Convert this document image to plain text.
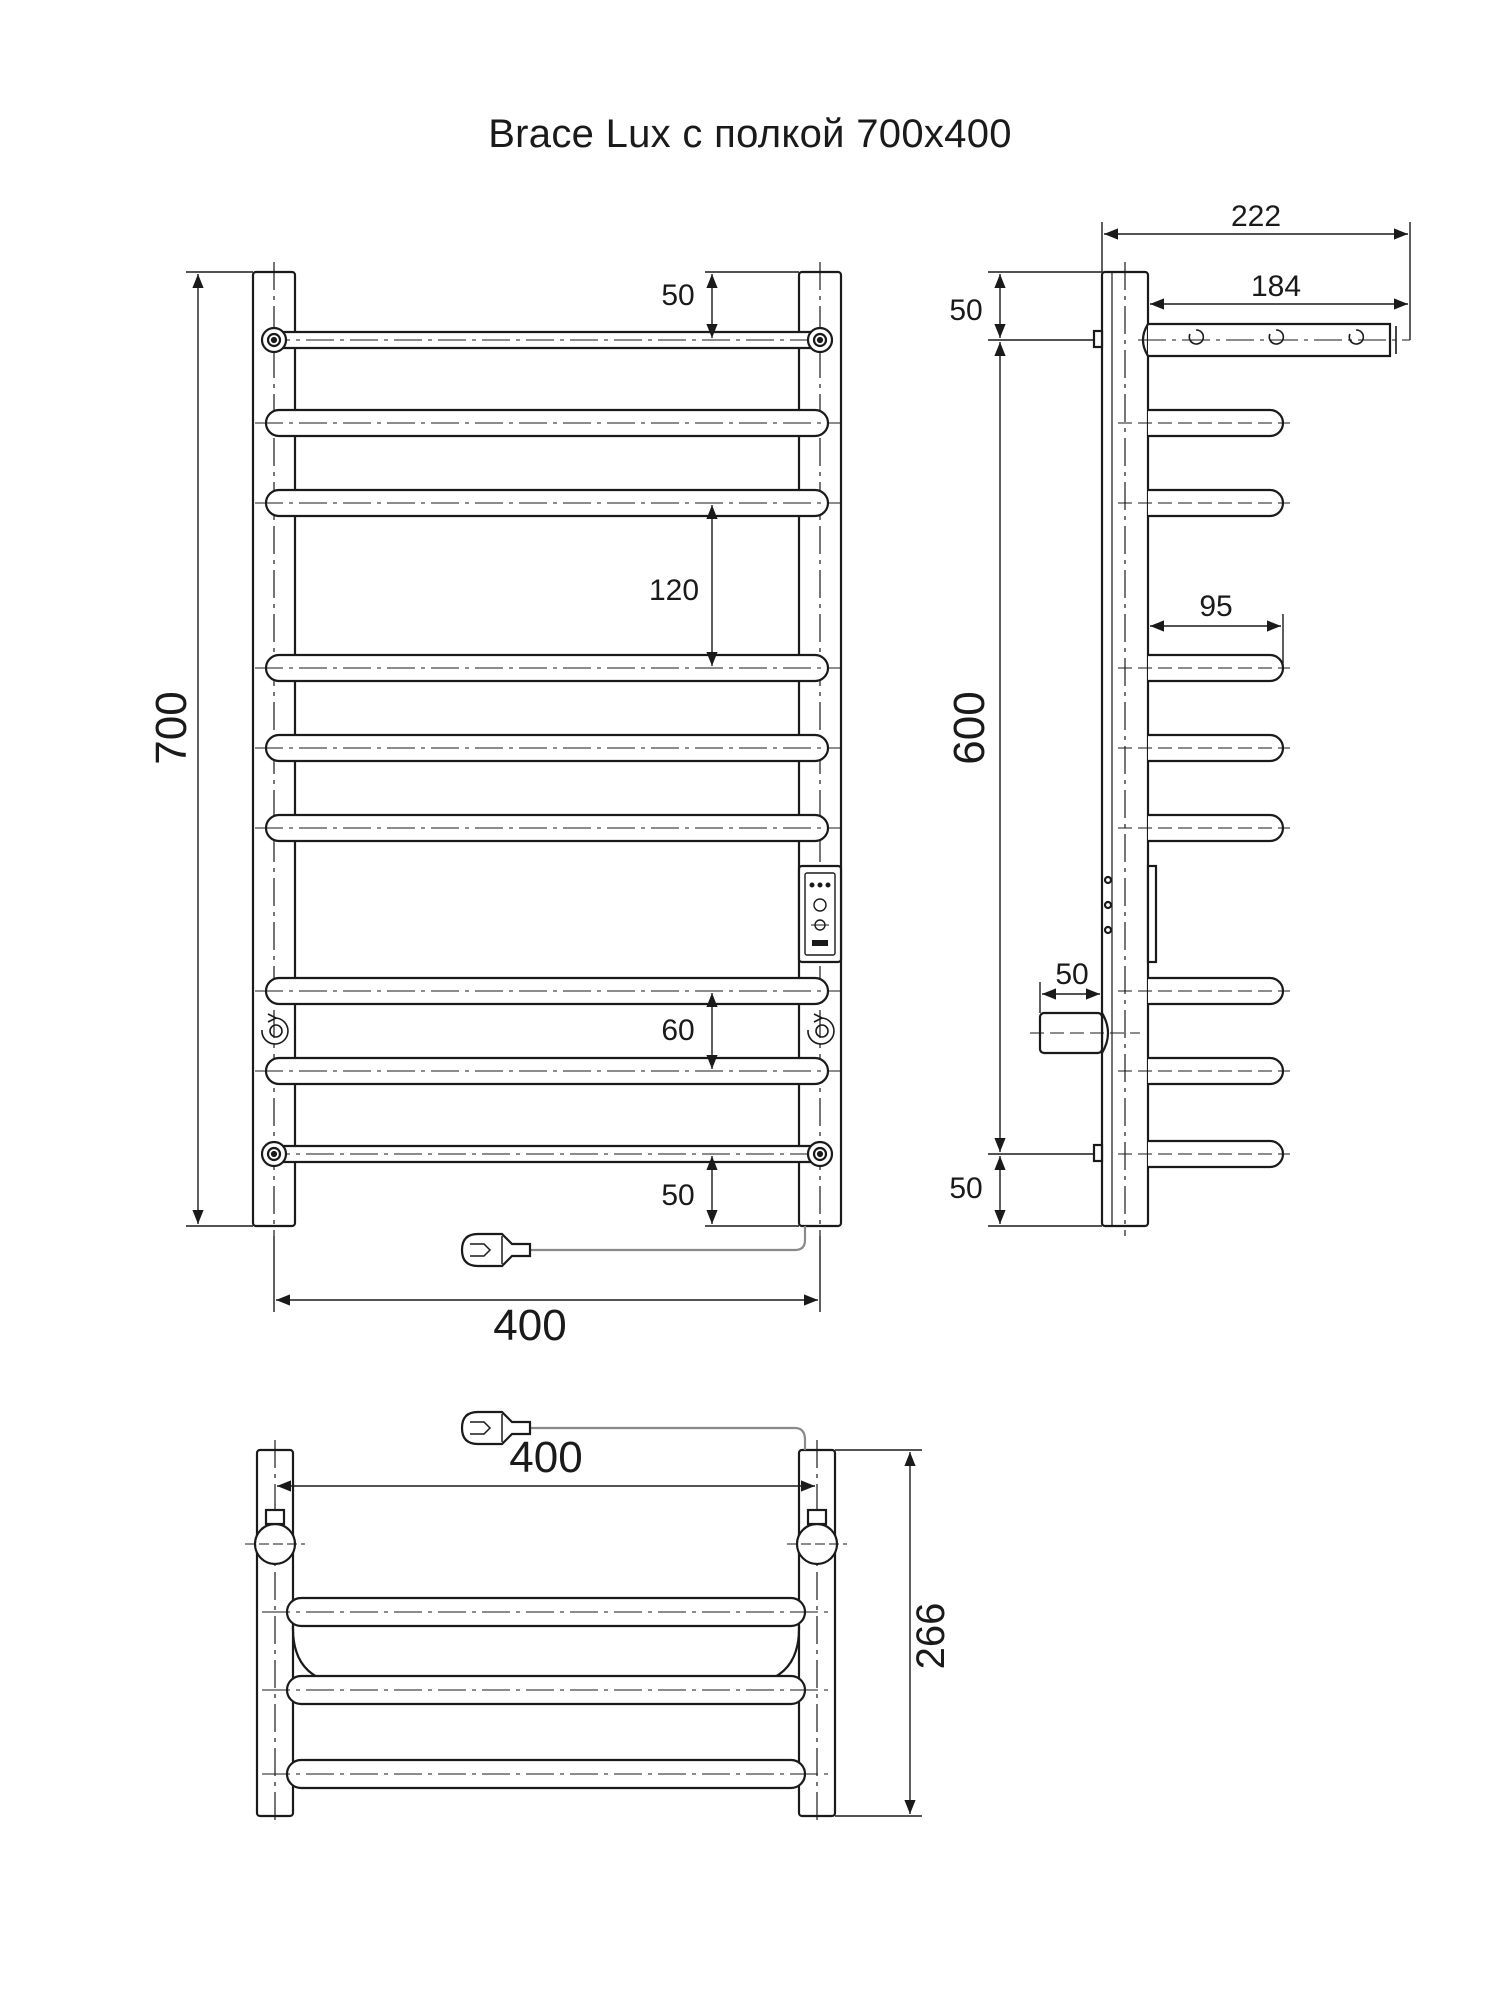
Brace Lux с полкой 700х400
700
400
50
120
60
50
222
184
50
600
95
50
50
400
266
